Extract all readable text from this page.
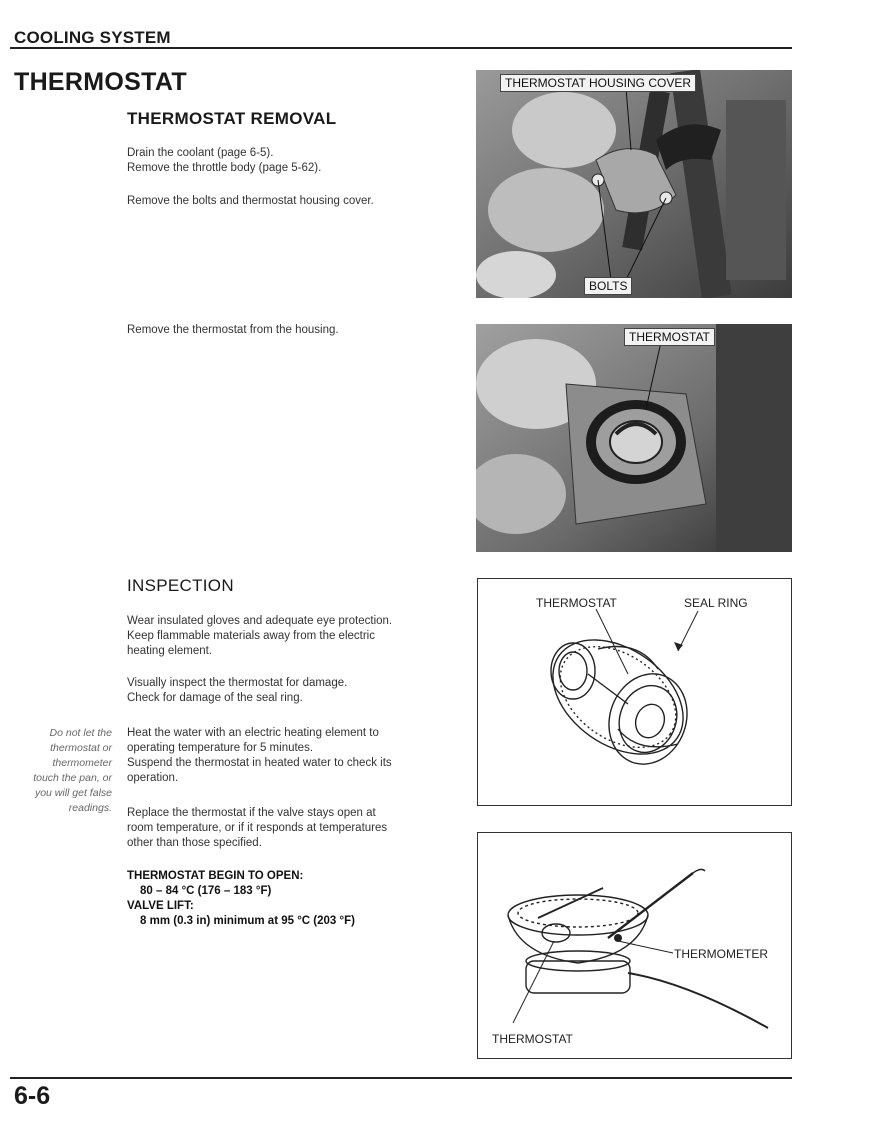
COOLING SYSTEM
THERMOSTAT
THERMOSTAT REMOVAL
Drain the coolant (page 6-5).
Remove the throttle body (page 5-62).
Remove the bolts and thermostat housing cover.
Remove the thermostat from the housing.
THERMOSTAT HOUSING COVER
BOLTS
THERMOSTAT
INSPECTION
Wear insulated gloves and adequate eye protection.
Keep flammable materials away from the electric
heating element.
Visually inspect the thermostat for damage.
Check for damage of the seal ring.
Heat the water with an electric heating element to
operating temperature for 5 minutes.
Suspend the thermostat in heated water to check its
operation.
Replace the thermostat if the valve stays open at
room temperature, or if it responds at temperatures
other than those specified.
THERMOSTAT BEGIN TO OPEN:
80 – 84 °C (176 – 183 °F)
VALVE LIFT:
8 mm (0.3 in) minimum at 95 °C (203 °F)
Do not let the
thermostat or
thermometer
touch the pan, or
you will get false
readings.
THERMOSTAT	SEAL RING
THERMOMETER
THERMOSTAT
6-6
